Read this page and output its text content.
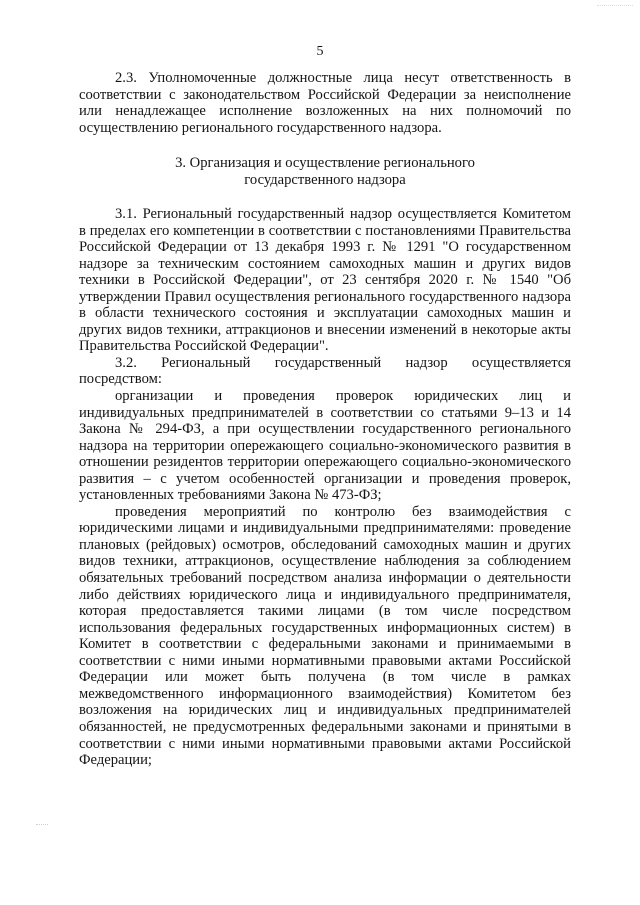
5

2.3. Уполномоченные должностные лица несут ответственность в соответствии с законодательством Российской Федерации за неисполнение или ненадлежащее исполнение возложенных на них полномочий по осуществлению регионального государственного надзора.

3. Организация и осуществление регионального
государственного надзора

3.1. Региональный государственный надзор осуществляется Комитетом в пределах его компетенции в соответствии с постановлениями Правительства Российской Федерации от 13 декабря 1993 г. № 1291 "О государственном надзоре за техническим состоянием самоходных машин и других видов техники в Российской Федерации", от 23 сентября 2020 г. № 1540 "Об утверждении Правил осуществления регионального государственного надзора в области технического состояния и эксплуатации самоходных машин и других видов техники, аттракционов и внесении изменений в некоторые акты Правительства Российской Федерации".

3.2. Региональный государственный надзор осуществляется посредством:

организации и проведения проверок юридических лиц и индивидуальных предпринимателей в соответствии со статьями 9–13 и 14 Закона № 294-ФЗ, а при осуществлении государственного регионального надзора на территории опережающего социально-экономического развития в отношении резидентов территории опережающего социально-экономического развития – с учетом особенностей организации и проведения проверок, установленных требованиями Закона № 473-ФЗ;

проведения мероприятий по контролю без взаимодействия с юридическими лицами и индивидуальными предпринимателями: проведение плановых (рейдовых) осмотров, обследований самоходных машин и других видов техники, аттракционов, осуществление наблюдения за соблюдением обязательных требований посредством анализа информации о деятельности либо действиях юридического лица и индивидуального предпринимателя, которая предоставляется такими лицами (в том числе посредством использования федеральных государственных информационных систем) в Комитет в соответствии с федеральными законами и принимаемыми в соответствии с ними иными нормативными правовыми актами Российской Федерации или может быть получена (в том числе в рамках межведомственного информационного взаимодействия) Комитетом без возложения на юридических лиц и индивидуальных предпринимателей обязанностей, не предусмотренных федеральными законами и принятыми в соответствии с ними иными нормативными правовыми актами Российской Федерации;
